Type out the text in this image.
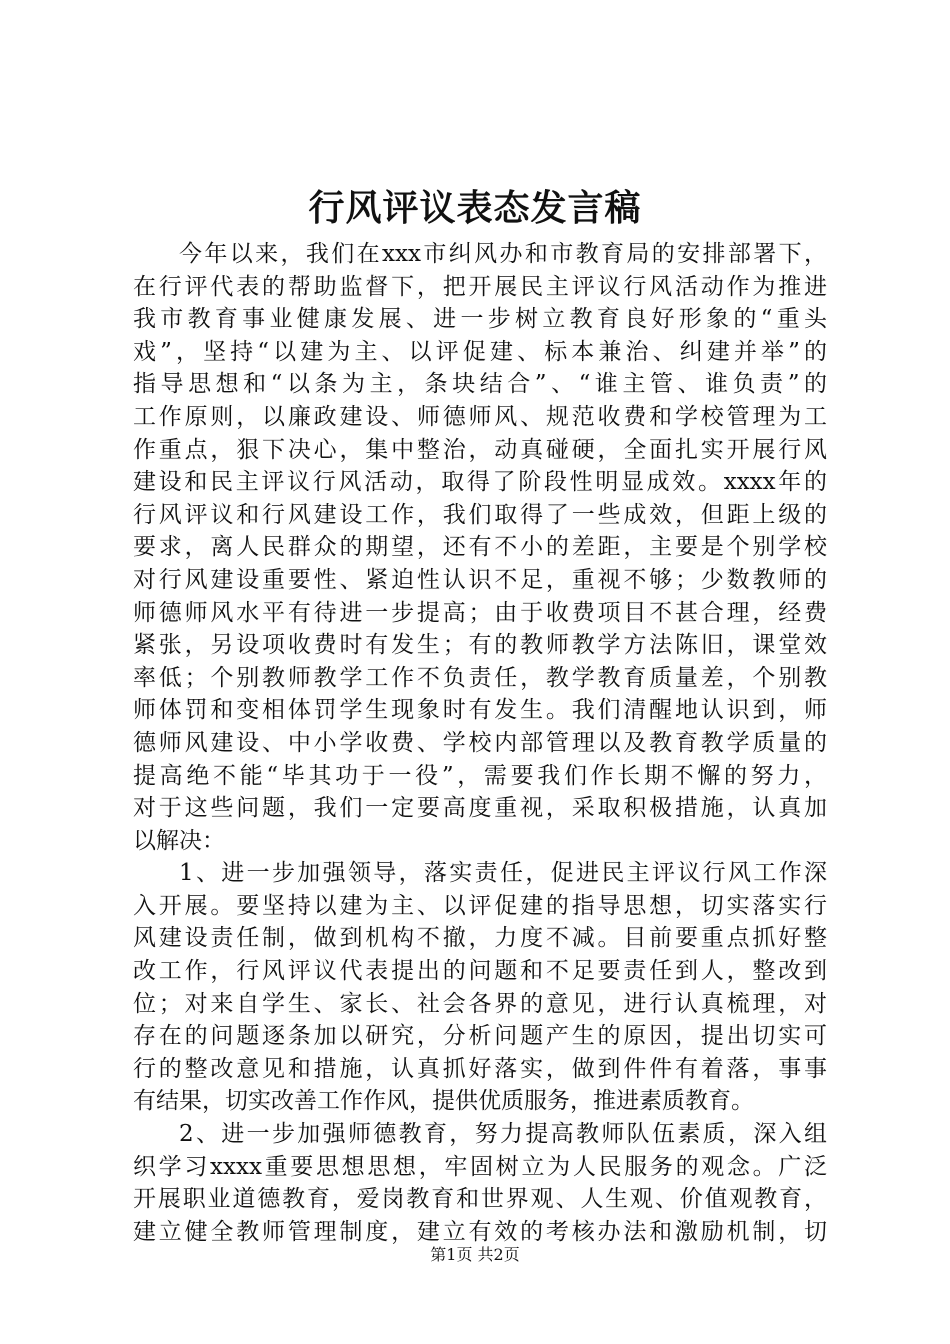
行风评议表态发言稿
今年以来，我们在xxx市纠风办和市教育局的安排部署下，
在行评代表的帮助监督下，把开展民主评议行风活动作为推进
我市教育事业健康发展、进一步树立教育良好形象的“重头
戏”，坚持“以建为主、以评促建、标本兼治、纠建并举”的
指导思想和“以条为主，条块结合”、“谁主管、谁负责”的
工作原则，以廉政建设、师德师风、规范收费和学校管理为工
作重点，狠下决心，集中整治，动真碰硬，全面扎实开展行风
建设和民主评议行风活动，取得了阶段性明显成效。xxxx年的
行风评议和行风建设工作，我们取得了一些成效，但距上级的
要求，离人民群众的期望，还有不小的差距，主要是个别学校
对行风建设重要性、紧迫性认识不足，重视不够；少数教师的
师德师风水平有待进一步提高；由于收费项目不甚合理，经费
紧张，另设项收费时有发生；有的教师教学方法陈旧，课堂效
率低；个别教师教学工作不负责任，教学教育质量差，个别教
师体罚和变相体罚学生现象时有发生。我们清醒地认识到，师
德师风建设、中小学收费、学校内部管理以及教育教学质量的
提高绝不能“毕其功于一役”，需要我们作长期不懈的努力，
对于这些问题，我们一定要高度重视，采取积极措施，认真加
以解决：
1、进一步加强领导，落实责任，促进民主评议行风工作深
入开展。要坚持以建为主、以评促建的指导思想，切实落实行
风建设责任制，做到机构不撤，力度不减。目前要重点抓好整
改工作，行风评议代表提出的问题和不足要责任到人，整改到
位；对来自学生、家长、社会各界的意见，进行认真梳理，对
存在的问题逐条加以研究，分析问题产生的原因，提出切实可
行的整改意见和措施，认真抓好落实，做到件件有着落，事事
有结果，切实改善工作作风，提供优质服务，推进素质教育。
2、进一步加强师德教育，努力提高教师队伍素质，深入组
织学习xxxx重要思想思想，牢固树立为人民服务的观念。广泛
开展职业道德教育，爱岗教育和世界观、人生观、价值观教育，
建立健全教师管理制度，建立有效的考核办法和激励机制，切
第1页 共2页
